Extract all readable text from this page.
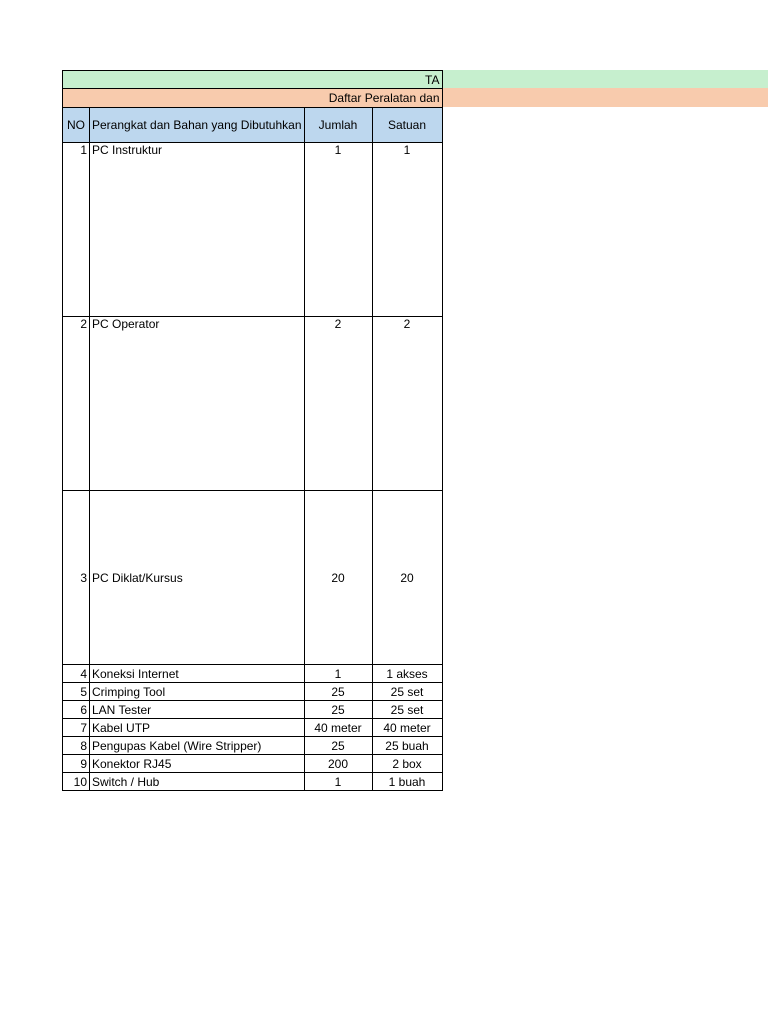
TA			
Daftar Peralatan dan			
NO	Perangkat dan Bahan yang Dibutuhkan	Jumlah	Satuan
1	PC Instruktur	1	1
2	PC Operator	2	2
3	PC Diklat/Kursus	20	20
4	Koneksi Internet	1	1 akses
5	Crimping Tool	25	25 set
6	LAN Tester	25	25 set
7	Kabel UTP	40 meter	40 meter
8	Pengupas Kabel (Wire Stripper)	25	25 buah
9	Konektor RJ45	200	2 box
10	Switch / Hub	1	1 buah
